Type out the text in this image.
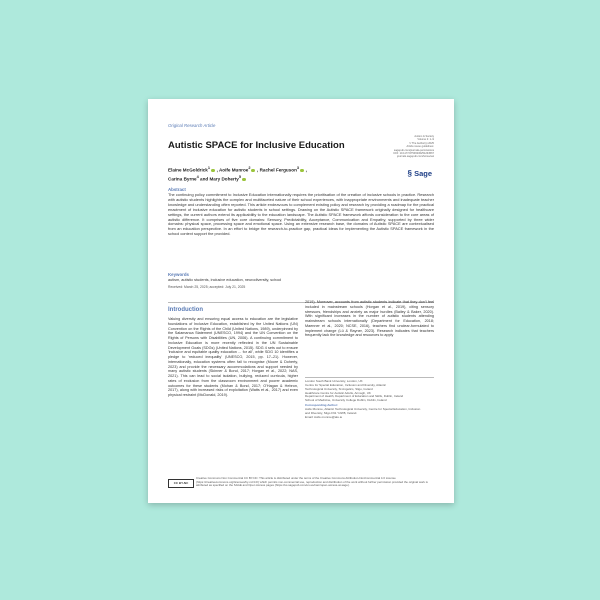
Original Research Article
Autism & Society
Volume 2: 1–9
© The Author(s) 2025
Article reuse guidelines:
sagepub.com/journals-permissions
DOI: 10.1177/27546330251234567
journals.sagepub.com/home/aut
§ Sage
Autistic SPACE for Inclusive Education
Elaine McGoldrick$^1$ , Aoife Munroe$^2$ , Rachel Ferguson$^3$ ,
Carina Byrne$^4$ and Mary Doherty$^5$
Abstract

The continuing policy commitment to Inclusive Education internationally requires the prioritisation of the creation of inclusive schools in practice. Research with autistic students highlights the complex and multifaceted nature of their school experiences, with inappropriate environments and inadequate teacher knowledge and understanding often reported. This article endeavours to complement existing policy and research by providing a roadmap for the practical enactment of inclusive education for autistic students in school settings. Drawing on the Autistic SPACE framework originally designed for healthcare settings, the current authors extend its applicability to the education landscape. The Autistic SPACE framework affords consideration to the core areas of autistic difference. It comprises of five core domains: Sensory, Predictability, Acceptance, Communication and Empathy, supported by three wider domains: physical space, processing space and emotional space. Using an extensive research base, the domains of Autistic SPACE are contextualised from an education perspective. In an effort to bridge the research-to-practice gap, practical ideas for implementing the Autistic SPACE framework in the school context support the provided.

Keywords
autism, autistic students, inclusive education, neurodiversity, school
Received: March 25, 2025; accepted: July 21, 2025
Introduction

Valuing diversity and ensuring equal access to education are the legislative foundations of Inclusive Education, established by the United Nations (UN) Convention on the Rights of the Child (United Nations, 1989), underpinned by the Salamanca Statement (UNESCO, 1994) and the UN Convention on the Rights of Persons with Disabilities (UN, 2006). A continuing commitment to Inclusive Education is more recently reflected in the UN Sustainable Development Goals (SDGs) (United Nations, 2015). SDG 4 sets out to ensure 'inclusive and equitable quality education ... for all', while SDG 10 identifies a pledge to 'reduced inequality' (UNESCO, 2015, pp. 17–21). However, internationally, education systems often fail to recognise (Moore & Doherty, 2023) and provide the necessary accommodations and support needed by many autistic students (Skinner & Bond, 2017; Horgan et al., 2022; NAS, 2021). This can lead to social isolation, bullying, reduced curricula, higher rates of exclusion from the classroom environment and poorer academic outcomes for these students (Mohan & Bond, 2017; O'Hagan & Hebron, 2017), along with increased risks of exploitation (Watts et al., 2017) and even physical restraint (McDonald, 2019).

2019). Moreover, accounts from autistic students indicate that they don't feel included in mainstream schools (Horgan et al., 2019), citing sensory stressors, friendships and anxiety as major hurdles (Bailey & Baker, 2020). With significant increases in the number of autistic students attending mainstream schools internationally (Department for Education, 2018; Maenner et al., 2020; NCSE, 2016), teachers find unclear-formulated to implement change (Lü & Rayner, 2023). Research indicates that teachers frequently lack the knowledge and resources to apply

London South Bank University, London, UK
Centre for Special Education, Inclusion and Diversity, Atlantic
Technological University, St Angela's, Sligo, Ireland
Healthcare Centre for Autistic Adults, Armagh, UK
Department of Health, Department of Education and Skills, Dublin, Ireland
School of Medicine, University College Dublin, Dublin, Ireland
Corresponding Author:
Aoife Munroe, Atlantic Technological University, Centre for Special Education, Inclusion
and Diversity, Sligo F91 Y2W8, Ireland.
Email: Aoife.munroe@atu.ie
CC BY-NC

Creative Commons Non Commercial CC BY-NC: This article is distributed under the terms of the Creative Commons Attribution-NonCommercial 4.0 License (https://creativecommons.org/licenses/by-nc/4.0/) which permits non-commercial use, reproduction and distribution of the work without further permission provided the original work is attributed as specified on the SAGE and Open Access pages (https://us.sagepub.com/en-us/nam/open-access-at-sage).
